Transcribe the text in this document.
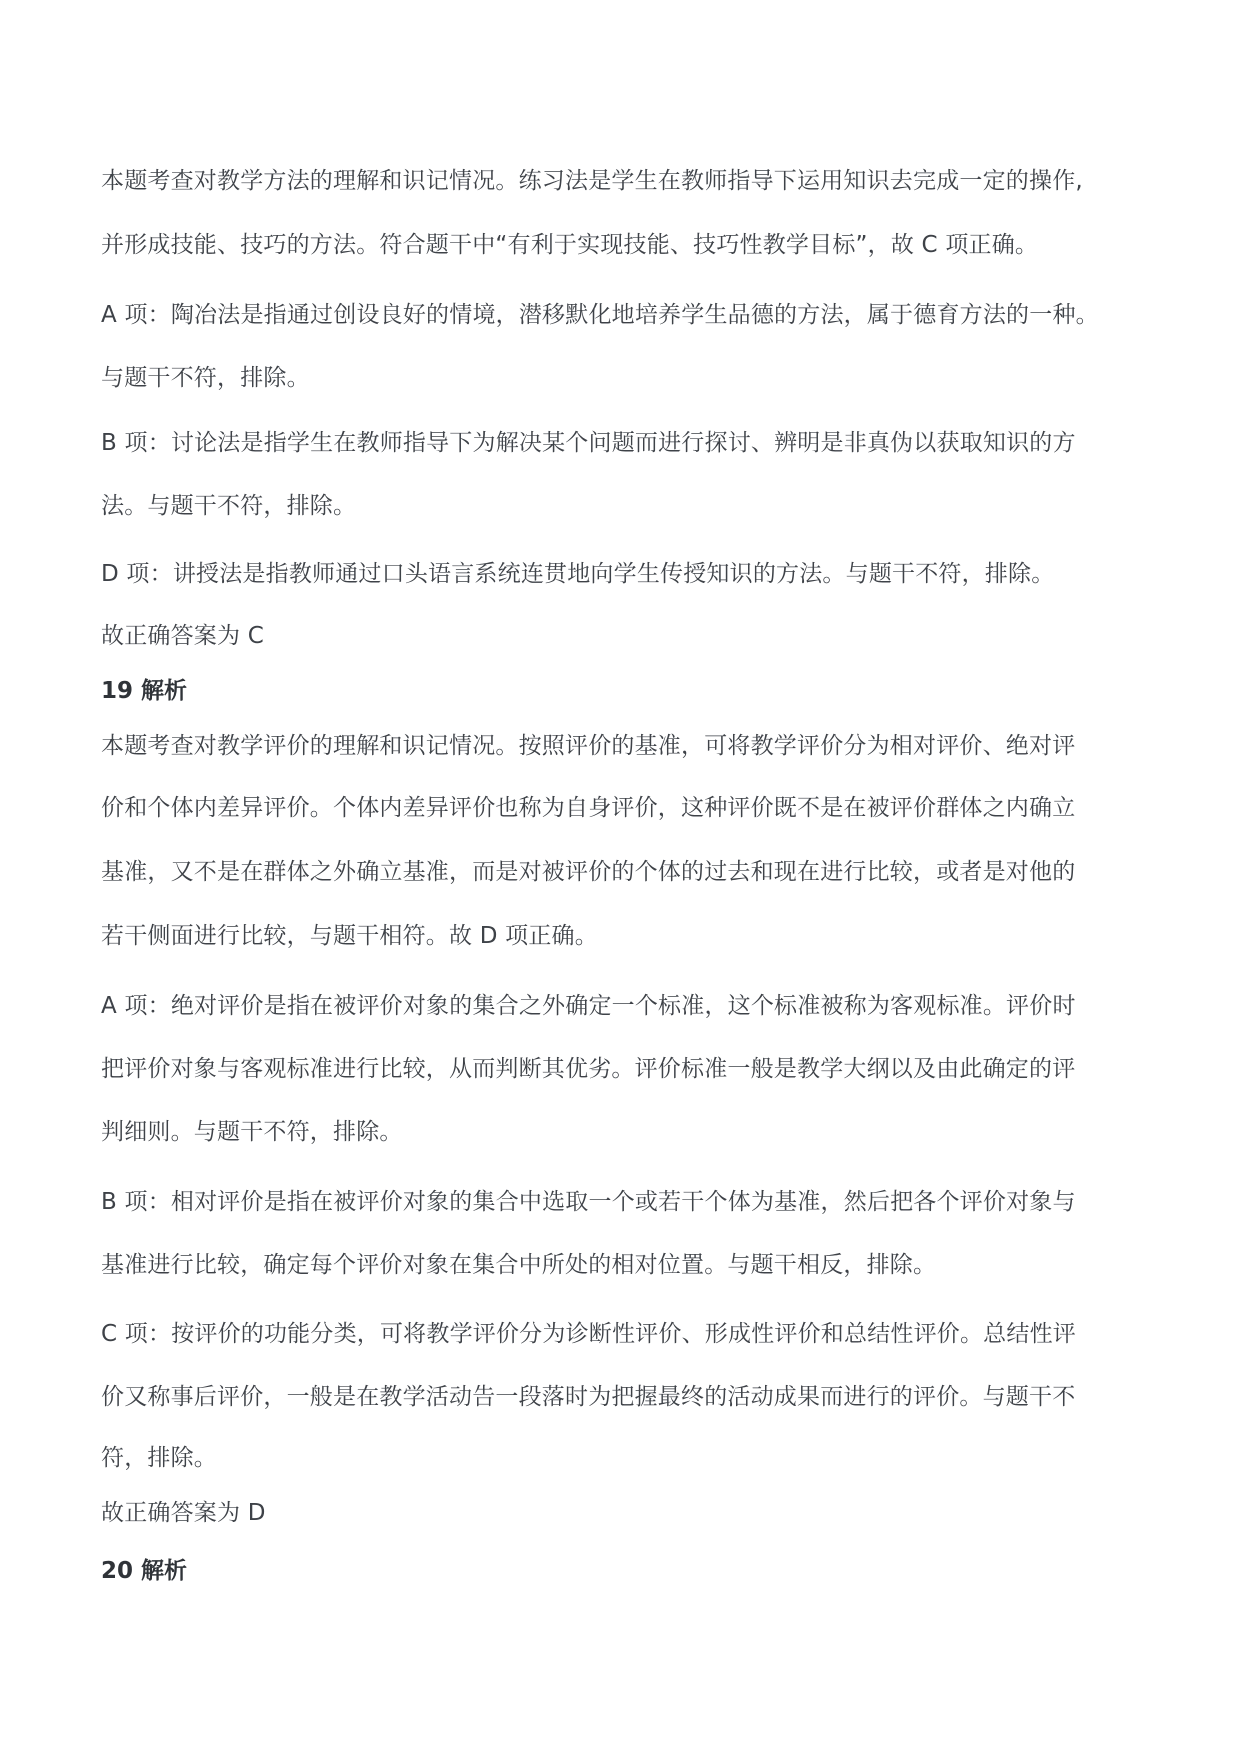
本题考查对教学方法的理解和识记情况。练习法是学生在教师指导下运用知识去完成一定的操作,
并形成技能、技巧的方法。符合题干中“有利于实现技能、技巧性教学目标”，故 C 项正确。
A 项：陶冶法是指通过创设良好的情境，潜移默化地培养学生品德的方法，属于德育方法的一种。
与题干不符，排除。
B 项：讨论法是指学生在教师指导下为解决某个问题而进行探讨、辨明是非真伪以获取知识的方
法。与题干不符，排除。
D 项：讲授法是指教师通过口头语言系统连贯地向学生传授知识的方法。与题干不符，排除。
故正确答案为 C
19 解析
本题考查对教学评价的理解和识记情况。按照评价的基准，可将教学评价分为相对评价、绝对评
价和个体内差异评价。个体内差异评价也称为自身评价，这种评价既不是在被评价群体之内确立
基准，又不是在群体之外确立基准，而是对被评价的个体的过去和现在进行比较，或者是对他的
若干侧面进行比较，与题干相符。故 D 项正确。
A 项：绝对评价是指在被评价对象的集合之外确定一个标准，这个标准被称为客观标准。评价时
把评价对象与客观标准进行比较，从而判断其优劣。评价标准一般是教学大纲以及由此确定的评
判细则。与题干不符，排除。
B 项：相对评价是指在被评价对象的集合中选取一个或若干个体为基准，然后把各个评价对象与
基准进行比较，确定每个评价对象在集合中所处的相对位置。与题干相反，排除。
C 项：按评价的功能分类，可将教学评价分为诊断性评价、形成性评价和总结性评价。总结性评
价又称事后评价，一般是在教学活动告一段落时为把握最终的活动成果而进行的评价。与题干不
符，排除。
故正确答案为 D
20 解析
